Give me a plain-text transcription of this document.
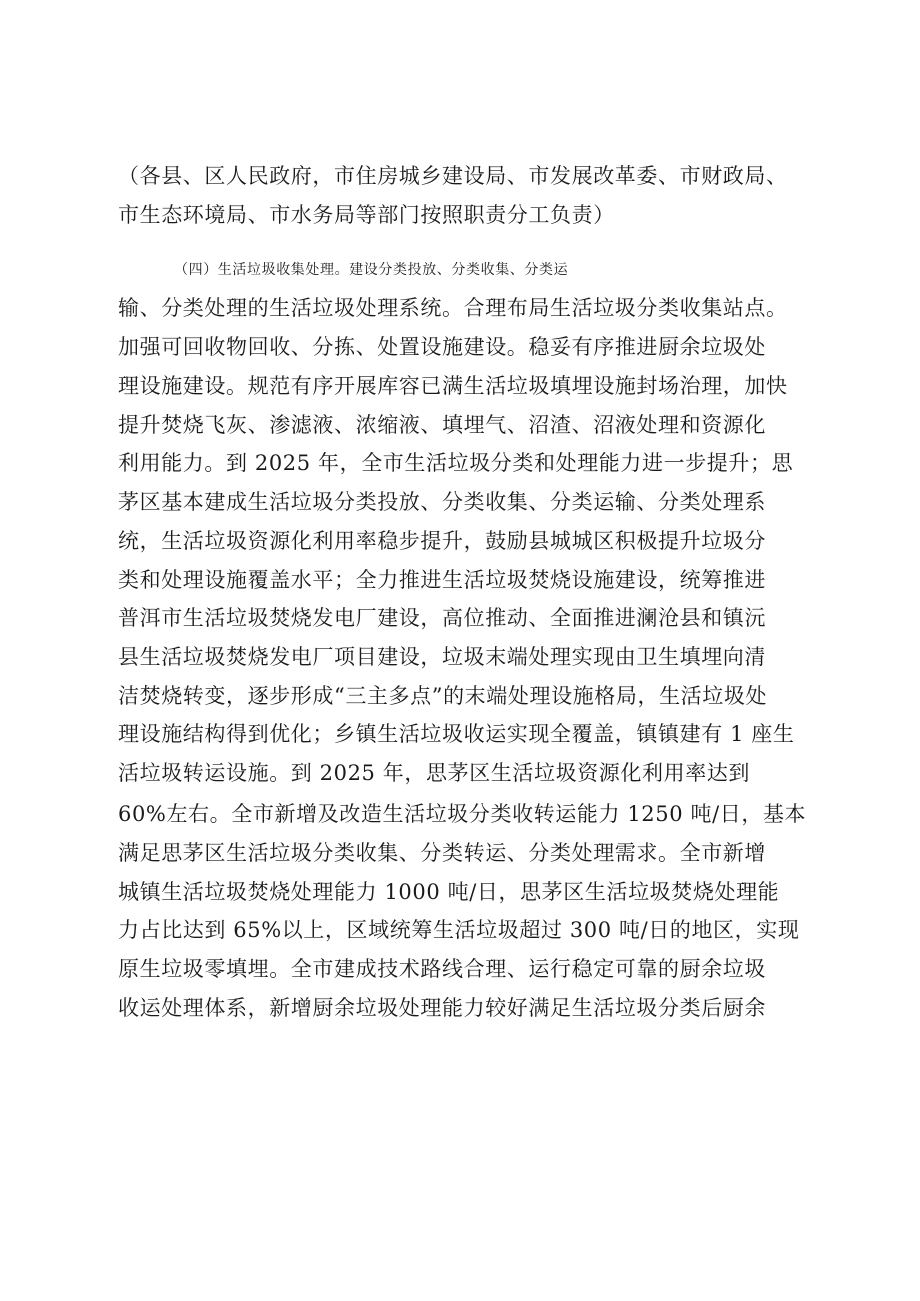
（各县、区人民政府，市住房城乡建设局、市发展改革委、市财政局、
市生态环境局、市水务局等部门按照职责分工负责）
（四）生活垃圾收集处理。建设分类投放、分类收集、分类运
输、分类处理的生活垃圾处理系统。合理布局生活垃圾分类收集站点。
加强可回收物回收、分拣、处置设施建设。稳妥有序推进厨余垃圾处
理设施建设。规范有序开展库容已满生活垃圾填埋设施封场治理，加快
提升焚烧飞灰、渗滤液、浓缩液、填埋气、沼渣、沼液处理和资源化
利用能力。到 2025 年，全市生活垃圾分类和处理能力进一步提升；思
茅区基本建成生活垃圾分类投放、分类收集、分类运输、分类处理系
统，生活垃圾资源化利用率稳步提升，鼓励县城城区积极提升垃圾分
类和处理设施覆盖水平；全力推进生活垃圾焚烧设施建设，统筹推进
普洱市生活垃圾焚烧发电厂建设，高位推动、全面推进澜沧县和镇沅
县生活垃圾焚烧发电厂项目建设，垃圾末端处理实现由卫生填埋向清
洁焚烧转变，逐步形成“三主多点”的末端处理设施格局，生活垃圾处
理设施结构得到优化；乡镇生活垃圾收运实现全覆盖，镇镇建有 1 座生
活垃圾转运设施。到 2025 年，思茅区生活垃圾资源化利用率达到
60%左右。全市新增及改造生活垃圾分类收转运能力 1250 吨/日，基本
满足思茅区生活垃圾分类收集、分类转运、分类处理需求。全市新增
城镇生活垃圾焚烧处理能力 1000 吨/日，思茅区生活垃圾焚烧处理能
力占比达到 65%以上，区域统筹生活垃圾超过 300 吨/日的地区，实现
原生垃圾零填埋。全市建成技术路线合理、运行稳定可靠的厨余垃圾
收运处理体系，新增厨余垃圾处理能力较好满足生活垃圾分类后厨余
